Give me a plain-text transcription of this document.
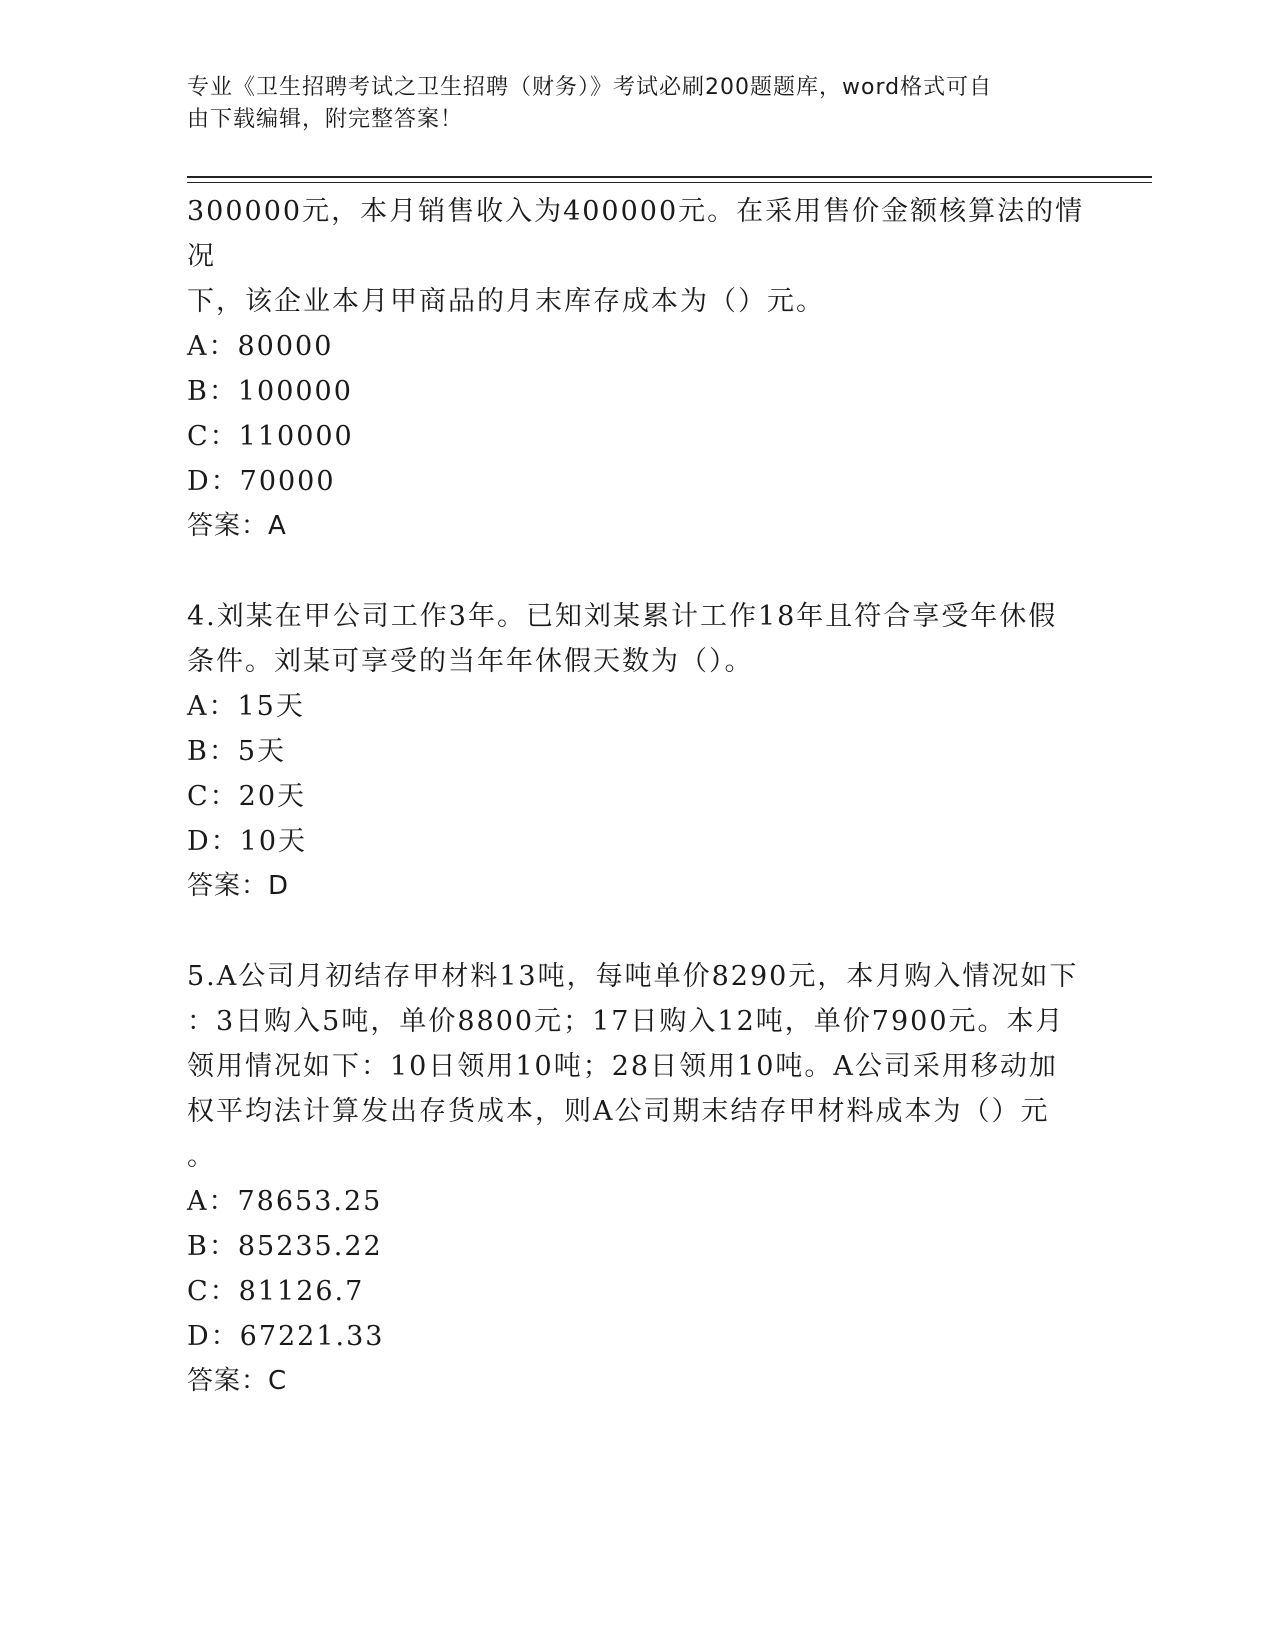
专业《卫生招聘考试之卫生招聘（财务）》考试必刷200题题库，word格式可自
由下载编辑，附完整答案！
300000元，本月销售收入为400000元。在采用售价金额核算法的情况
下，该企业本月甲商品的月末库存成本为（）元。
A：80000
B：100000
C：110000
D：70000
答案：A
4.刘某在甲公司工作3年。已知刘某累计工作18年且符合享受年休假
条件。刘某可享受的当年年休假天数为（）。
A：15天
B：5天
C：20天
D：10天
答案：D
5.A公司月初结存甲材料13吨，每吨单价8290元，本月购入情况如下
：3日购入5吨，单价8800元；17日购入12吨，单价7900元。本月
领用情况如下：10日领用10吨；28日领用10吨。A公司采用移动加
权平均法计算发出存货成本，则A公司期末结存甲材料成本为（）元
。
A：78653.25
B：85235.22
C：81126.7
D：67221.33
答案：C
